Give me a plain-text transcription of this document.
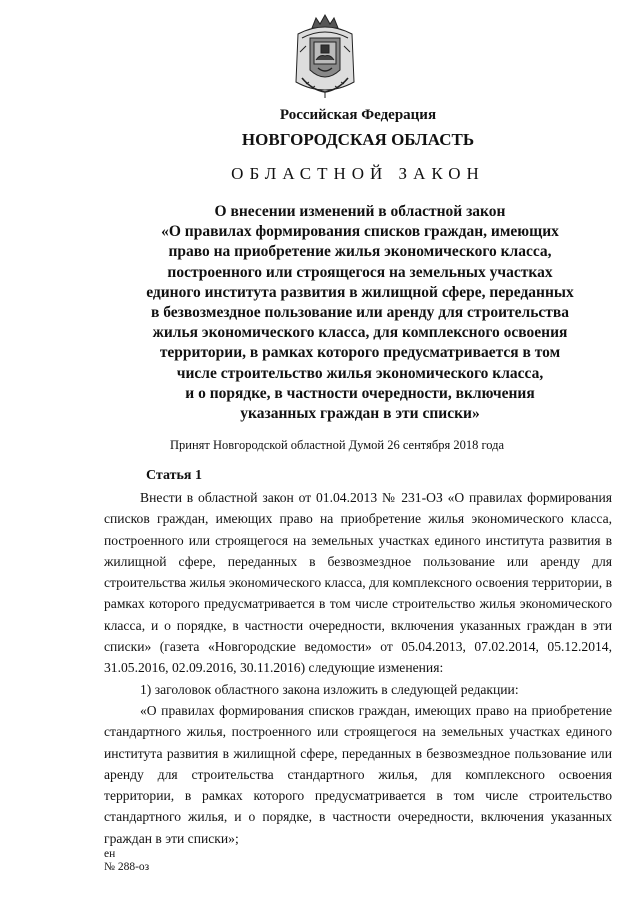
Российская Федерация
НОВГОРОДСКАЯ ОБЛАСТЬ
ОБЛАСТНОЙ ЗАКОН
О внесении изменений в областной закон
«О правилах формирования списков граждан, имеющих
право на приобретение жилья экономического класса,
построенного или строящегося на земельных участках
единого института развития в жилищной сфере, переданных
в безвозмездное пользование или аренду для строительства
жилья экономического класса, для комплексного освоения
территории, в рамках которого предусматривается в том
числе строительство жилья экономического класса,
и о порядке, в частности очередности, включения
указанных граждан в эти списки»
Принят Новгородской областной Думой 26 сентября 2018 года
Статья 1

Внести в областной закон от 01.04.2013 № 231-ОЗ «О правилах формирования списков граждан, имеющих право на приобретение жилья экономического класса, построенного или строящегося на земельных участках единого института развития в жилищной сфере, переданных в безвозмездное пользование или аренду для строительства жилья экономического класса, для комплексного освоения территории, в рамках которого предусматривается в том числе строительство жилья экономического класса, и о порядке, в частности очередности, включения указанных граждан в эти списки» (газета «Новгородские ведомости» от 05.04.2013, 07.02.2014, 05.12.2014, 31.05.2016, 02.09.2016, 30.11.2016) следующие изменения:

1) заголовок областного закона изложить в следующей редакции:

«О правилах формирования списков граждан, имеющих право на приобретение стандартного жилья, построенного или строящегося на земельных участках единого института развития в жилищной сфере, переданных в безвозмездное пользование или аренду для строительства стандартного жилья, для комплексного освоения территории, в рамках которого предусматривается в том числе строительство стандартного жилья, и о порядке, в частности очередности, включения указанных граждан в эти списки»;

ен
№ 288-оз
